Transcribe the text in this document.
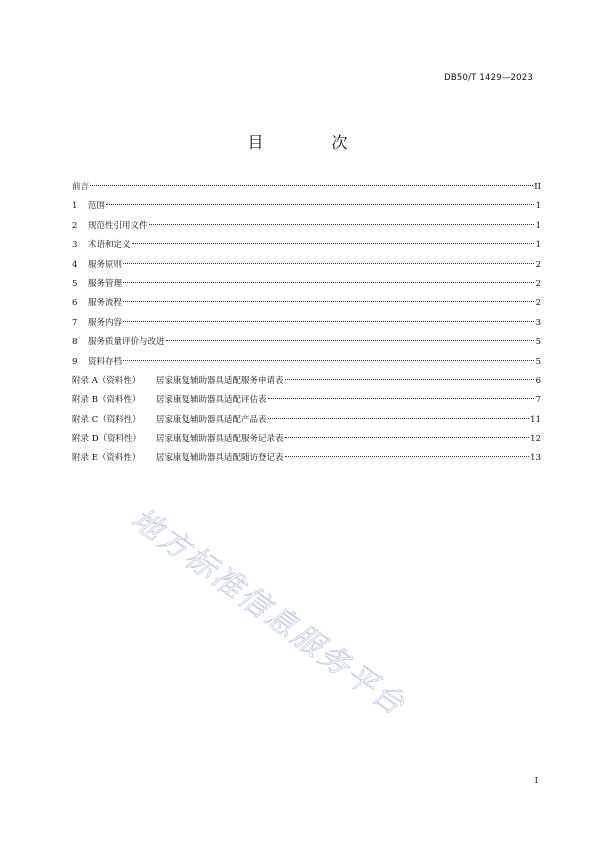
DB50/T 1429—2023
目　次
前言	II
1 范围	1
2 规范性引用文件	1
3 术语和定义	1
4 服务原则	2
5 服务管理	2
6 服务流程	2
7 服务内容	3
8 服务质量评价与改进	5
9 资料存档	5
附录 A（资料性） 居家康复辅助器具适配服务申请表	6
附录 B（资料性） 居家康复辅助器具适配评估表	7
附录 C（资料性） 居家康复辅助器具适配产品表	11
附录 D（资料性） 居家康复辅助器具适配服务记录表	12
附录 E（资料性） 居家康复辅助器具适配随访登记表	13
地方标准信息服务平台
I
